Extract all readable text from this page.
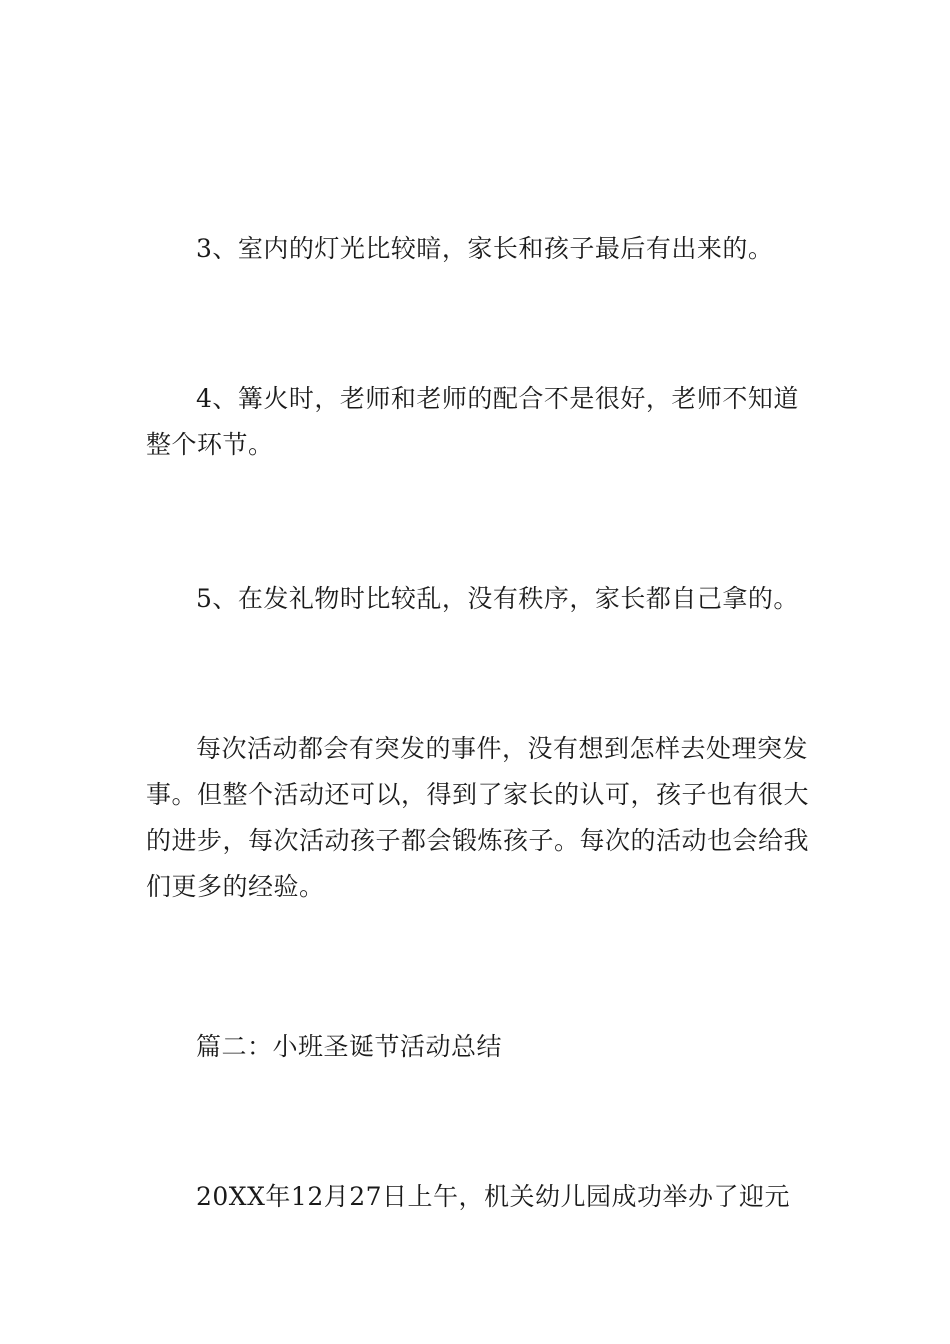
3、室内的灯光比较暗，家长和孩子最后有出来的。

4、篝火时，老师和老师的配合不是很好，老师不知道整个环节。

5、在发礼物时比较乱，没有秩序，家长都自己拿的。

每次活动都会有突发的事件，没有想到怎样去处理突发事。但整个活动还可以，得到了家长的认可，孩子也有很大的进步，每次活动孩子都会锻炼孩子。每次的活动也会给我们更多的经验。

篇二：小班圣诞节活动总结

20XX年12月27日上午，机关幼儿园成功举办了迎元
